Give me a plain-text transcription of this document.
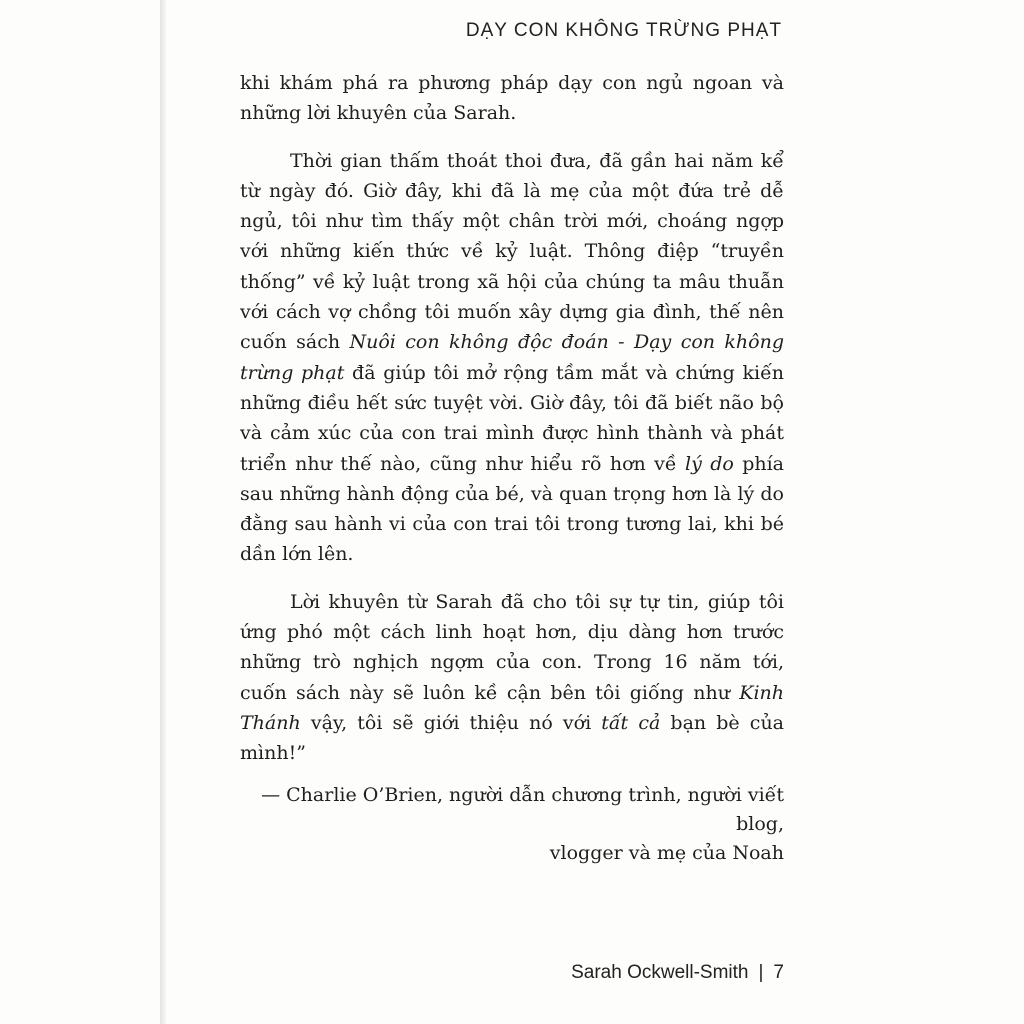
DẠY CON KHÔNG TRỪNG PHẠT

khi khám phá ra phương pháp dạy con ngủ ngoan và những lời khuyên của Sarah.

Thời gian thấm thoát thoi đưa, đã gần hai năm kể từ ngày đó. Giờ đây, khi đã là mẹ của một đứa trẻ dễ ngủ, tôi như tìm thấy một chân trời mới, choáng ngợp với những kiến thức về kỷ luật. Thông điệp “truyền thống” về kỷ luật trong xã hội của chúng ta mâu thuẫn với cách vợ chồng tôi muốn xây dựng gia đình, thế nên cuốn sách Nuôi con không độc đoán - Dạy con không trừng phạt đã giúp tôi mở rộng tầm mắt và chứng kiến những điều hết sức tuyệt vời. Giờ đây, tôi đã biết não bộ và cảm xúc của con trai mình được hình thành và phát triển như thế nào, cũng như hiểu rõ hơn về lý do phía sau những hành động của bé, và quan trọng hơn là lý do đằng sau hành vi của con trai tôi trong tương lai, khi bé dần lớn lên.

Lời khuyên từ Sarah đã cho tôi sự tự tin, giúp tôi ứng phó một cách linh hoạt hơn, dịu dàng hơn trước những trò nghịch ngợm của con. Trong 16 năm tới, cuốn sách này sẽ luôn kề cận bên tôi giống như Kinh Thánh vậy, tôi sẽ giới thiệu nó với tất cả bạn bè của mình!”

— Charlie O’Brien, người dẫn chương trình, người viết blog,
vlogger và mẹ của Noah

Sarah Ockwell-Smith | 7
